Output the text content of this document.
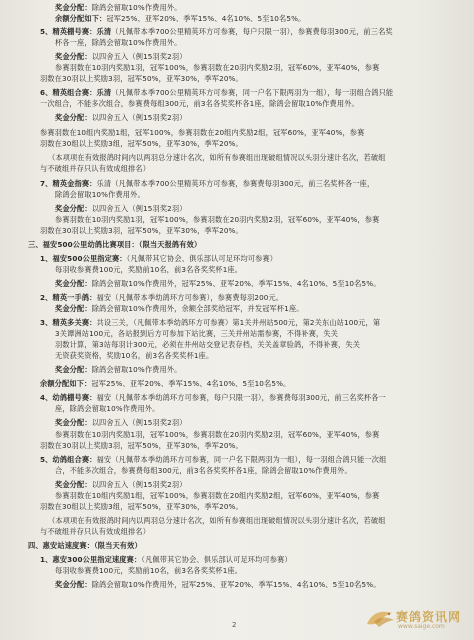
奖金分配：除鸽会留取10%作费用外。
余额分配如下：冠军25%、亚军20%、季军15%、4名10%、5至10名5%。
5、精英棚号赛：乐清（凡佩带本季700公里精英环方可参赛，每户只限一羽），参赛费每羽300元，前三名奖
杯各一座，除鸽会留取10%作费用外。
奖金分配：以四舍五入（例15羽奖2羽）
参赛羽数在10羽内奖励1羽，冠军100%，参赛羽数在20羽内奖励2羽，冠军60%，亚军40%，参赛
羽数在30羽以上奖励3羽，冠军50%，亚军30%，季军20%。
6、精英组合赛：乐清（凡佩带本季700公里精英环方可参赛，同一户名下限两羽为一组），每一羽组合鸽只能
一次组合，不能多次组合，参赛费每组300元，前3名各奖奖杯各1座，除鸽会留取10%作费用外。
奖金分配：以四舍五入（例15羽奖2羽）
参赛羽数在10组内奖励1组，冠军100%，参赛羽数在20组内奖励2组，冠军60%，亚军40%，参赛
羽数在30组以上奖励3组，冠军50%，亚军30%，季军20%。
（本项项在有效报鸽时间内以两羽总分速计名次，如所有参赛组出现破组情况以头羽分速计名次，若破组
与不破组并存只认有效成组排名）
7、精英金指赛：乐清（凡佩带本季700公里精英环方可参赛，参赛费每羽300元，前三名奖杯各一座，
除鸽会留取10%作费用外。
奖金分配：以四舍五入（例15羽奖2羽）
参赛羽数在10羽内奖励1羽，冠军100%，参赛羽数在20羽内奖励2羽，冠军60%，亚军40%，参赛
羽数在30羽以上奖励3羽，冠军50%，亚军30%，季军20%。
三、福安500公里幼鸽比赛项目：（限当天报鸽有效）
1、福安500公里指定赛：（凡佩带其它协会、俱乐部认可足环均可参赛）
每羽收参赛费100元，奖励前10名，前3名各奖奖杯1座。
奖金分配：除鸽会留取10%作费用外，冠军25%、亚军20%、季军15%、4名10%、5至10名5%。
2、精英一手鸽：福安（凡佩带本季幼鸽环方可参赛），参赛费每羽200元。
奖金分配：除鸽会留取10%作费用外，余额全部奖给冠军，并发冠军杯1座。
3、精英多关赛：共设三关，（凡佩带本季幼鸽环方可参赛）第1关并州站500元，第2关东山站100元，第
3关谭洲站100元，各站报到后方可参加下站比赛，三关并州站需参赛，不得补赛，失关
羽数计算，第3站每羽计300元，必须在井州站交登记表存档，关关盖章验鸽，不得补赛，失关
无资获奖资格，奖励10名，前3名各奖奖杯1座。
奖金分配：除鸽会留取10%作费用外。
余额分配如下：冠军25%、亚军20%、季军15%、4名10%、5至10名5%。
4、幼鸽棚号赛：福安（凡佩带本季幼鸽环方可参赛，每户只限一羽），参赛费每羽300元，前三名奖杯各一
座，除鸽会留取10%作费用外。
奖金分配：以四舍五入（例15羽奖2羽）
参赛羽数在10羽内奖励1羽，冠军100%，参赛羽数在20羽内奖励2羽，冠军60%，亚军40%，参赛
羽数在30羽以上奖励3羽，冠军50%，亚军30%，季军20%。
5、幼鸽组合赛：福安（凡佩带本季幼鸽环方可参赛，同一户名下限两羽为一组），每一羽组合鸽只能一次组
合，不能多次组合，参赛费每组300元，前3名各奖奖杯各1座，除鸽会留取10%作费用外。
奖金分配：以四舍五入（例15羽奖2羽）
参赛羽数在10组内奖励1组，冠军100%，参赛羽数在20组内奖励2组，冠军60%，亚军40%，参赛
羽数在30组以上奖励3组，冠军50%，亚军30%，季军20%。
（本项项在有效报鸽时间内以两羽总分速计名次，如所有参赛组出现破组情况以头羽分速计名次，若破组
与不破组并存只认有效成组排名）
四、惠安站速度赛：（限当天有效）
1、惠安300公里指定速度赛：（凡佩带其它协会、俱乐部认可足环均可参赛）
每羽收参赛费100元，奖励前10名，前3名各奖奖杯1座。
奖金分配：除鸽会留取10%作费用外，冠军25%、亚军20%、季军15%、4名10%、5至10名5%。
2
赛鸽资讯网
www.saige.com
